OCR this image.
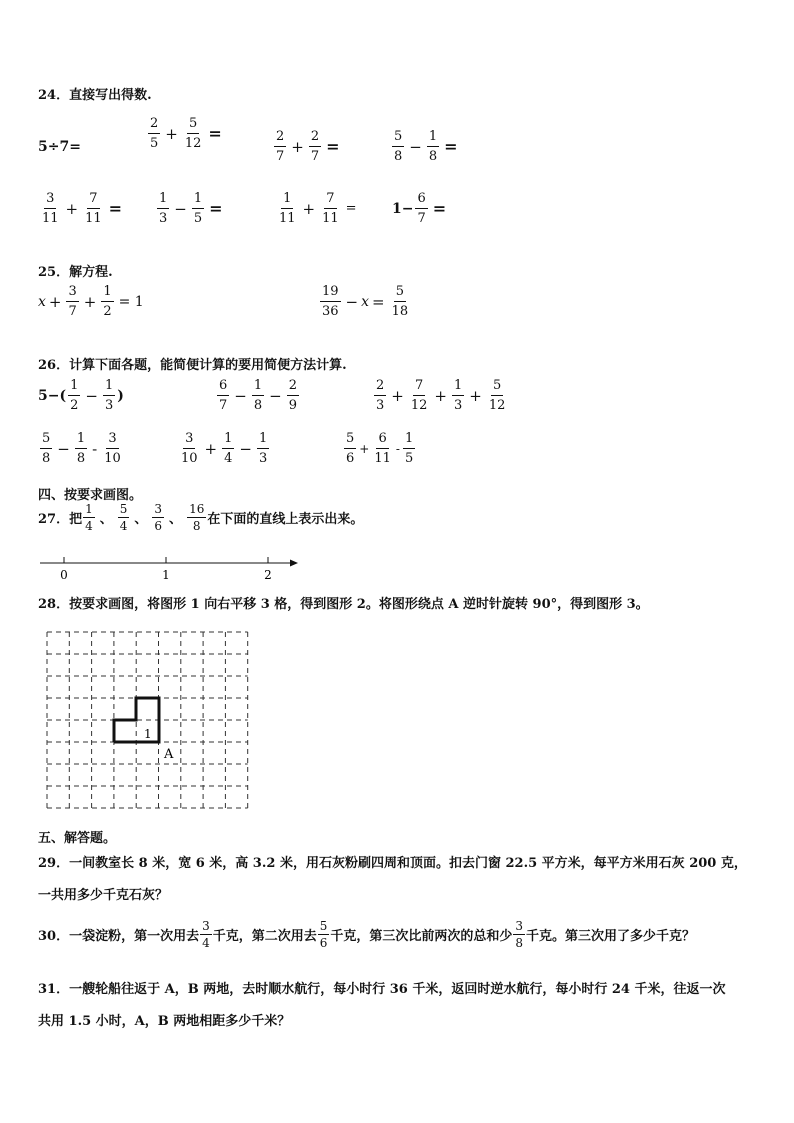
24．直接写出得数.
5÷7=	$\frac{2}{5} + \frac{5}{12}$ =	$\frac{2}{7} + \frac{2}{7}$ =	$\frac{5}{8} - \frac{1}{8}$ =
$\frac{3}{11} + \frac{7}{11}$ =	$\frac{1}{3} - \frac{1}{5}$ =	$\frac{1}{11} + \frac{7}{11}$ =	$1- \frac{6}{7}$ =
25．解方程.
$x + \frac{3}{7} + \frac{1}{2} = 1$	$\frac{19}{36} - x = \frac{5}{18}$
26．计算下面各题，能简便计算的要用简便方法计算.
$5-( \frac{1}{2} - \frac{1}{3}$ )	$\frac{6}{7} - \frac{1}{8} - \frac{2}{9}$	$\frac{2}{3} + \frac{7}{12} + \frac{1}{3} + \frac{5}{12}$
$\frac{5}{8} - \frac{1}{8} - \frac{3}{10}$	$\frac{3}{10} + \frac{1}{4} - \frac{1}{3}$	$\frac{5}{6} + \frac{6}{11} - \frac{1}{5}$
四、按要求画图。
27．把 $\frac{1}{4}$ 、 $\frac{5}{4}$ 、 $\frac{3}{6}$ 、 $\frac{16}{8}$ 在下面的直线上表示出来。
0	1	2
28．按要求画图，将图形 1 向右平移 3 格，得到图形 2。将图形绕点 A 逆时针旋转 90°，得到图形 3。
1
A
五、解答题。
29．一间教室长 8 米，宽 6 米，高 3.2 米，用石灰粉刷四周和顶面。扣去门窗 22.5 平方米，每平方米用石灰 200 克，
一共用多少千克石灰？
30．一袋淀粉，第一次用去 $\frac{3}{4}$ 千克，第二次用去 $\frac{5}{6}$ 千克，第三次比前两次的总和少 $\frac{3}{8}$ 千克。第三次用了多少千克？
31．一艘轮船往返于 A，B 两地，去时顺水航行，每小时行 36 千米，返回时逆水航行，每小时行 24 千米，往返一次
共用 1.5 小时，A，B 两地相距多少千米？
